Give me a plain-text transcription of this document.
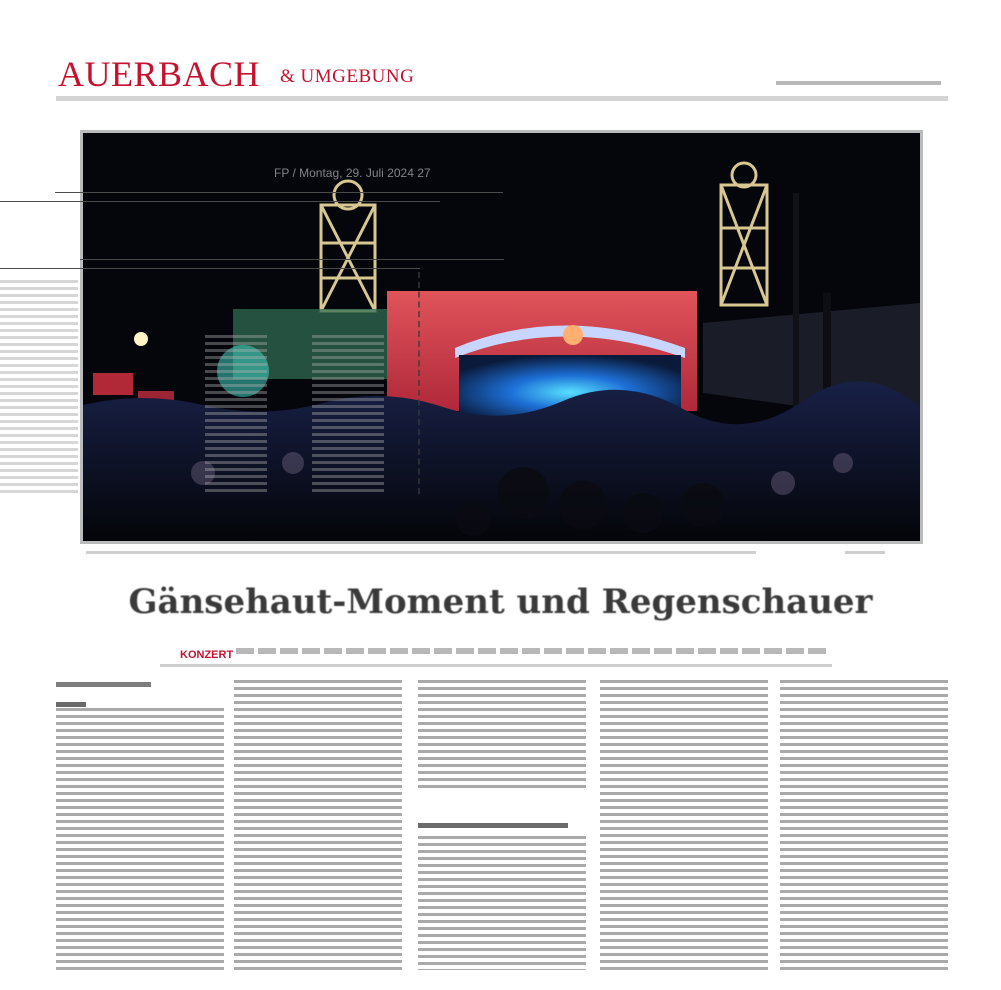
AUERBACH & UMGEBUNG
FP / Montag, 29. Juli 2024 27
Gänsehaut-Moment und Regenschauer
KONZERT
